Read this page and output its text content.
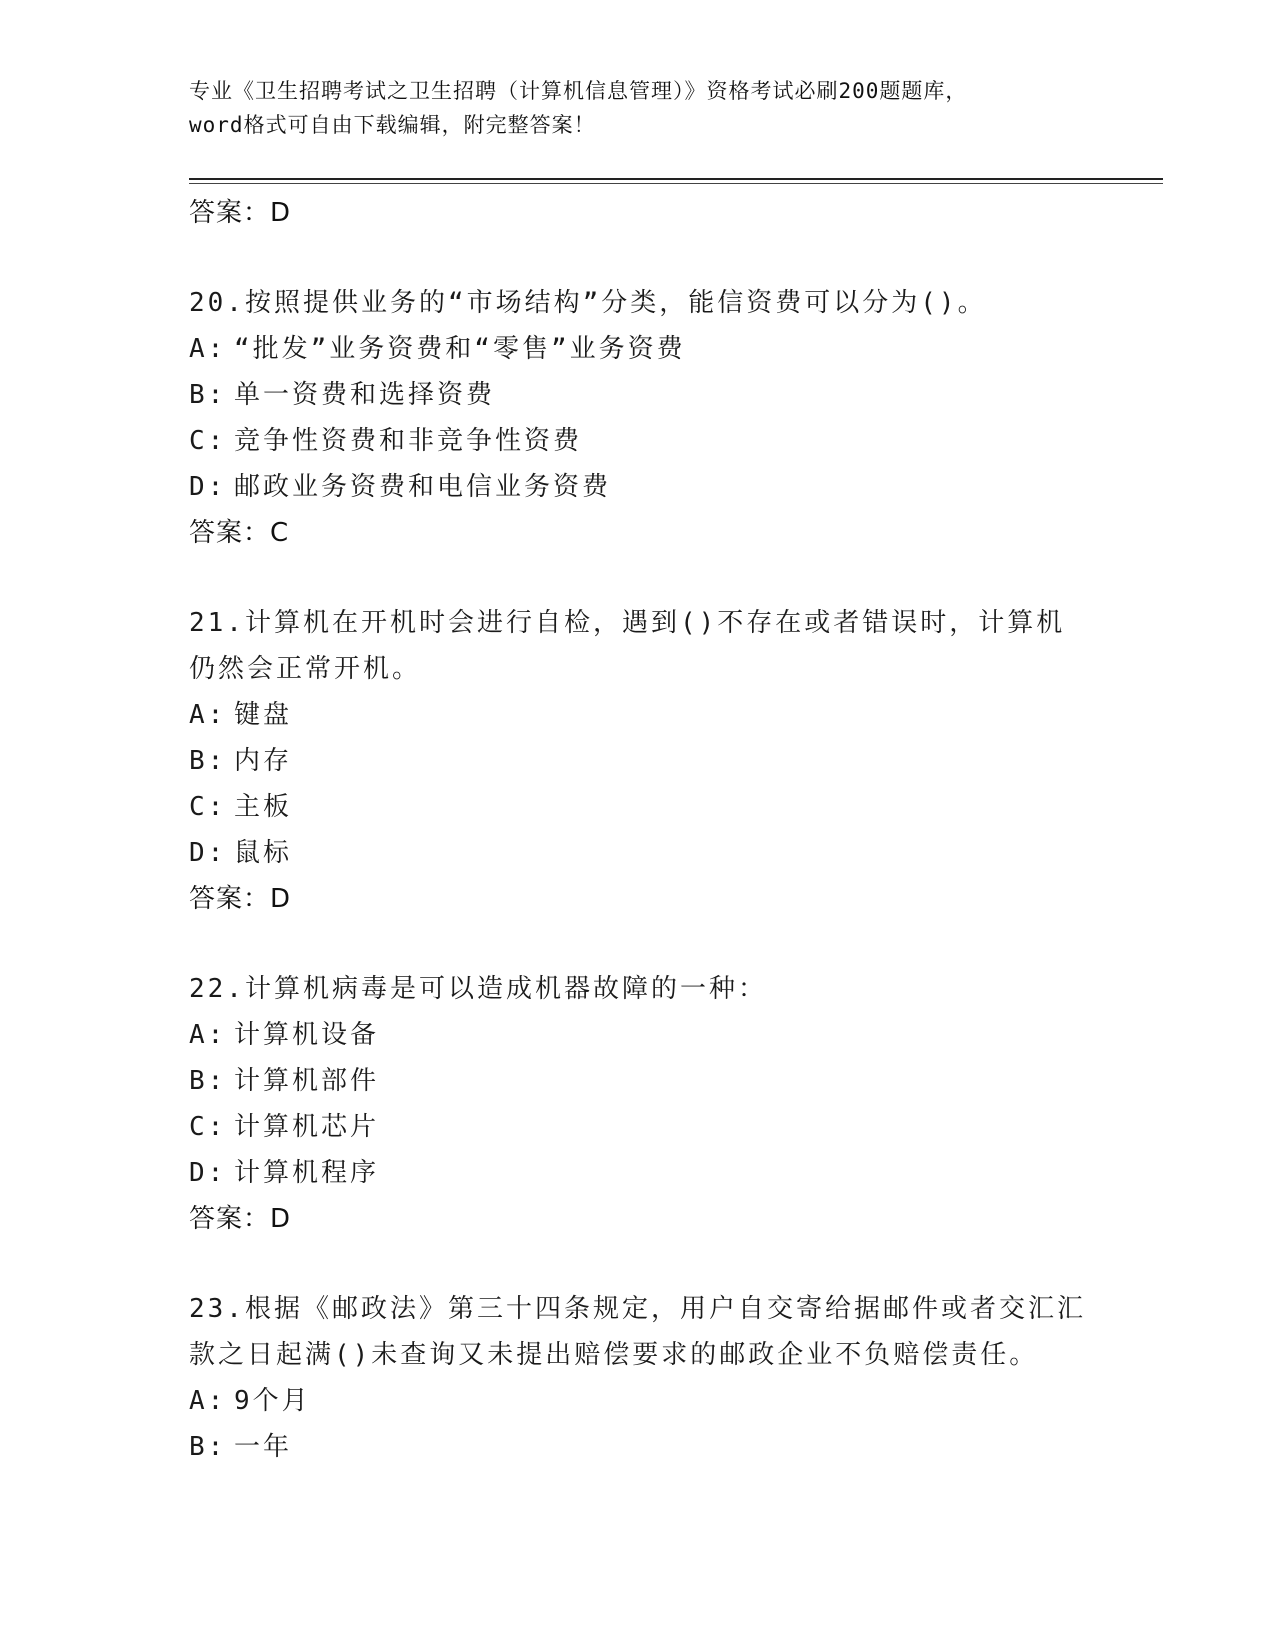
专业《卫生招聘考试之卫生招聘（计算机信息管理）》资格考试必刷200题题库，
word格式可自由下载编辑，附完整答案！
答案：D
20.按照提供业务的“市场结构”分类，能信资费可以分为()。
A: “批发”业务资费和“零售”业务资费
B: 单一资费和选择资费
C: 竞争性资费和非竞争性资费
D: 邮政业务资费和电信业务资费
答案：C
21.计算机在开机时会进行自检，遇到()不存在或者错误时，计算机仍然会正常开机。
A: 键盘
B: 内存
C: 主板
D: 鼠标
答案：D
22.计算机病毒是可以造成机器故障的一种：
A: 计算机设备
B: 计算机部件
C: 计算机芯片
D: 计算机程序
答案：D
23.根据《邮政法》第三十四条规定，用户自交寄给据邮件或者交汇汇款之日起满()未查询又未提出赔偿要求的邮政企业不负赔偿责任。
A: 9个月
B: 一年
